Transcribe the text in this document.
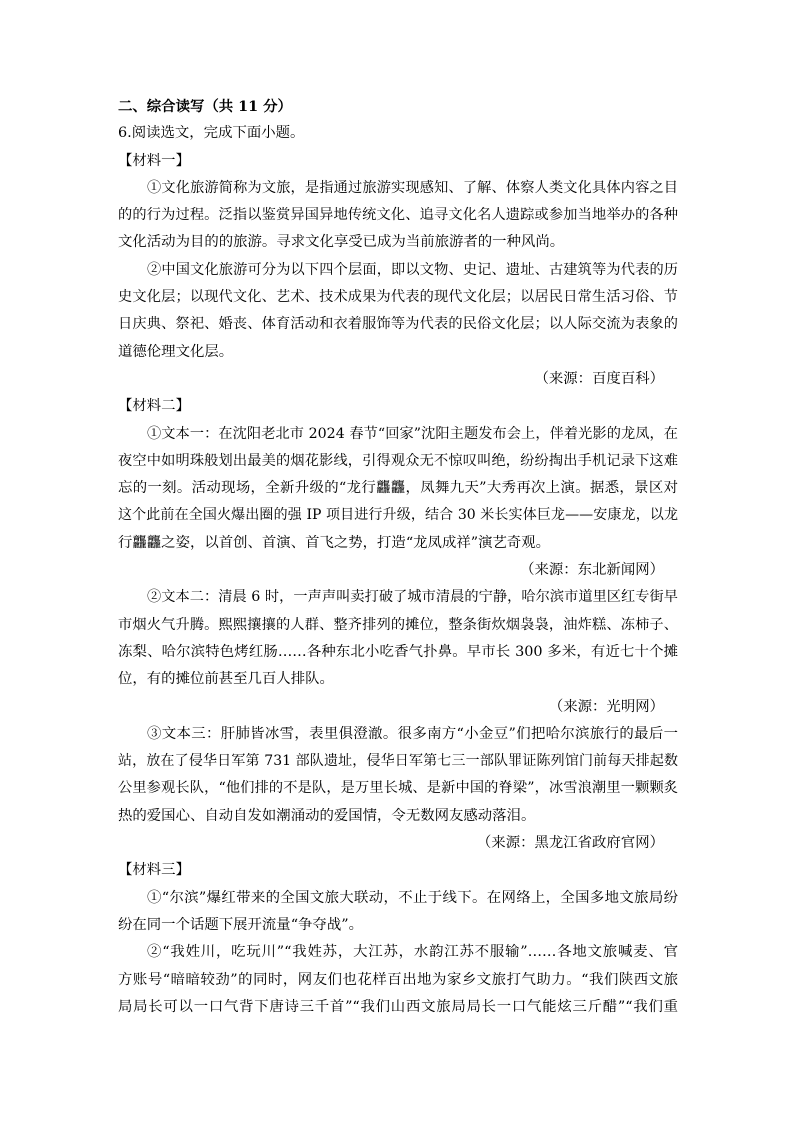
二、综合读写（共 11 分）
6.阅读选文，完成下面小题。
【材料一】
①文化旅游简称为文旅，是指通过旅游实现感知、了解、体察人类文化具体内容之目
的的行为过程。泛指以鉴赏异国异地传统文化、追寻文化名人遗踪或参加当地举办的各种
文化活动为目的的旅游。寻求文化享受已成为当前旅游者的一种风尚。
②中国文化旅游可分为以下四个层面，即以文物、史记、遗址、古建筑等为代表的历
史文化层；以现代文化、艺术、技术成果为代表的现代文化层；以居民日常生活习俗、节
日庆典、祭祀、婚丧、体育活动和衣着服饰等为代表的民俗文化层；以人际交流为表象的
道德伦理文化层。
（来源：百度百科）
【材料二】
①文本一：在沈阳老北市 2024 春节“回家”沈阳主题发布会上，伴着光影的龙凤，在
夜空中如明珠般划出最美的烟花影线，引得观众无不惊叹叫绝，纷纷掏出手机记录下这难
忘的一刻。活动现场，全新升级的“龙行龘龘，凤舞九天”大秀再次上演。据悉，景区对
这个此前在全国火爆出圈的强 IP 项目进行升级，结合 30 米长实体巨龙——安康龙，以龙
行龘龘之姿，以首创、首演、首飞之势，打造“龙凤成祥”演艺奇观。
（来源：东北新闻网）
②文本二：清晨 6 时，一声声叫卖打破了城市清晨的宁静，哈尔滨市道里区红专街早
市烟火气升腾。熙熙攘攘的人群、整齐排列的摊位，整条街炊烟袅袅，油炸糕、冻柿子、
冻梨、哈尔滨特色烤红肠……各种东北小吃香气扑鼻。早市长 300 多米，有近七十个摊
位，有的摊位前甚至几百人排队。
（来源：光明网）
③文本三：肝肺皆冰雪，表里俱澄澈。很多南方“小金豆”们把哈尔滨旅行的最后一
站，放在了侵华日军第 731 部队遗址，侵华日军第七三一部队罪证陈列馆门前每天排起数
公里参观长队，“他们排的不是队，是万里长城、是新中国的脊梁”，冰雪浪潮里一颗颗炙
热的爱国心、自动自发如潮涌动的爱国情，令无数网友感动落泪。
（来源：黑龙江省政府官网）
【材料三】
①“尔滨”爆红带来的全国文旅大联动，不止于线下。在网络上，全国多地文旅局纷
纷在同一个话题下展开流量“争夺战”。
②“我姓川，吃玩川”“我姓苏，大江苏，水韵江苏不服输”……各地文旅喊麦、官
方账号“暗暗较劲”的同时，网友们也花样百出地为家乡文旅打气助力。“我们陕西文旅
局局长可以一口气背下唐诗三千首”“我们山西文旅局局长一口气能炫三斤醋”“我们重
